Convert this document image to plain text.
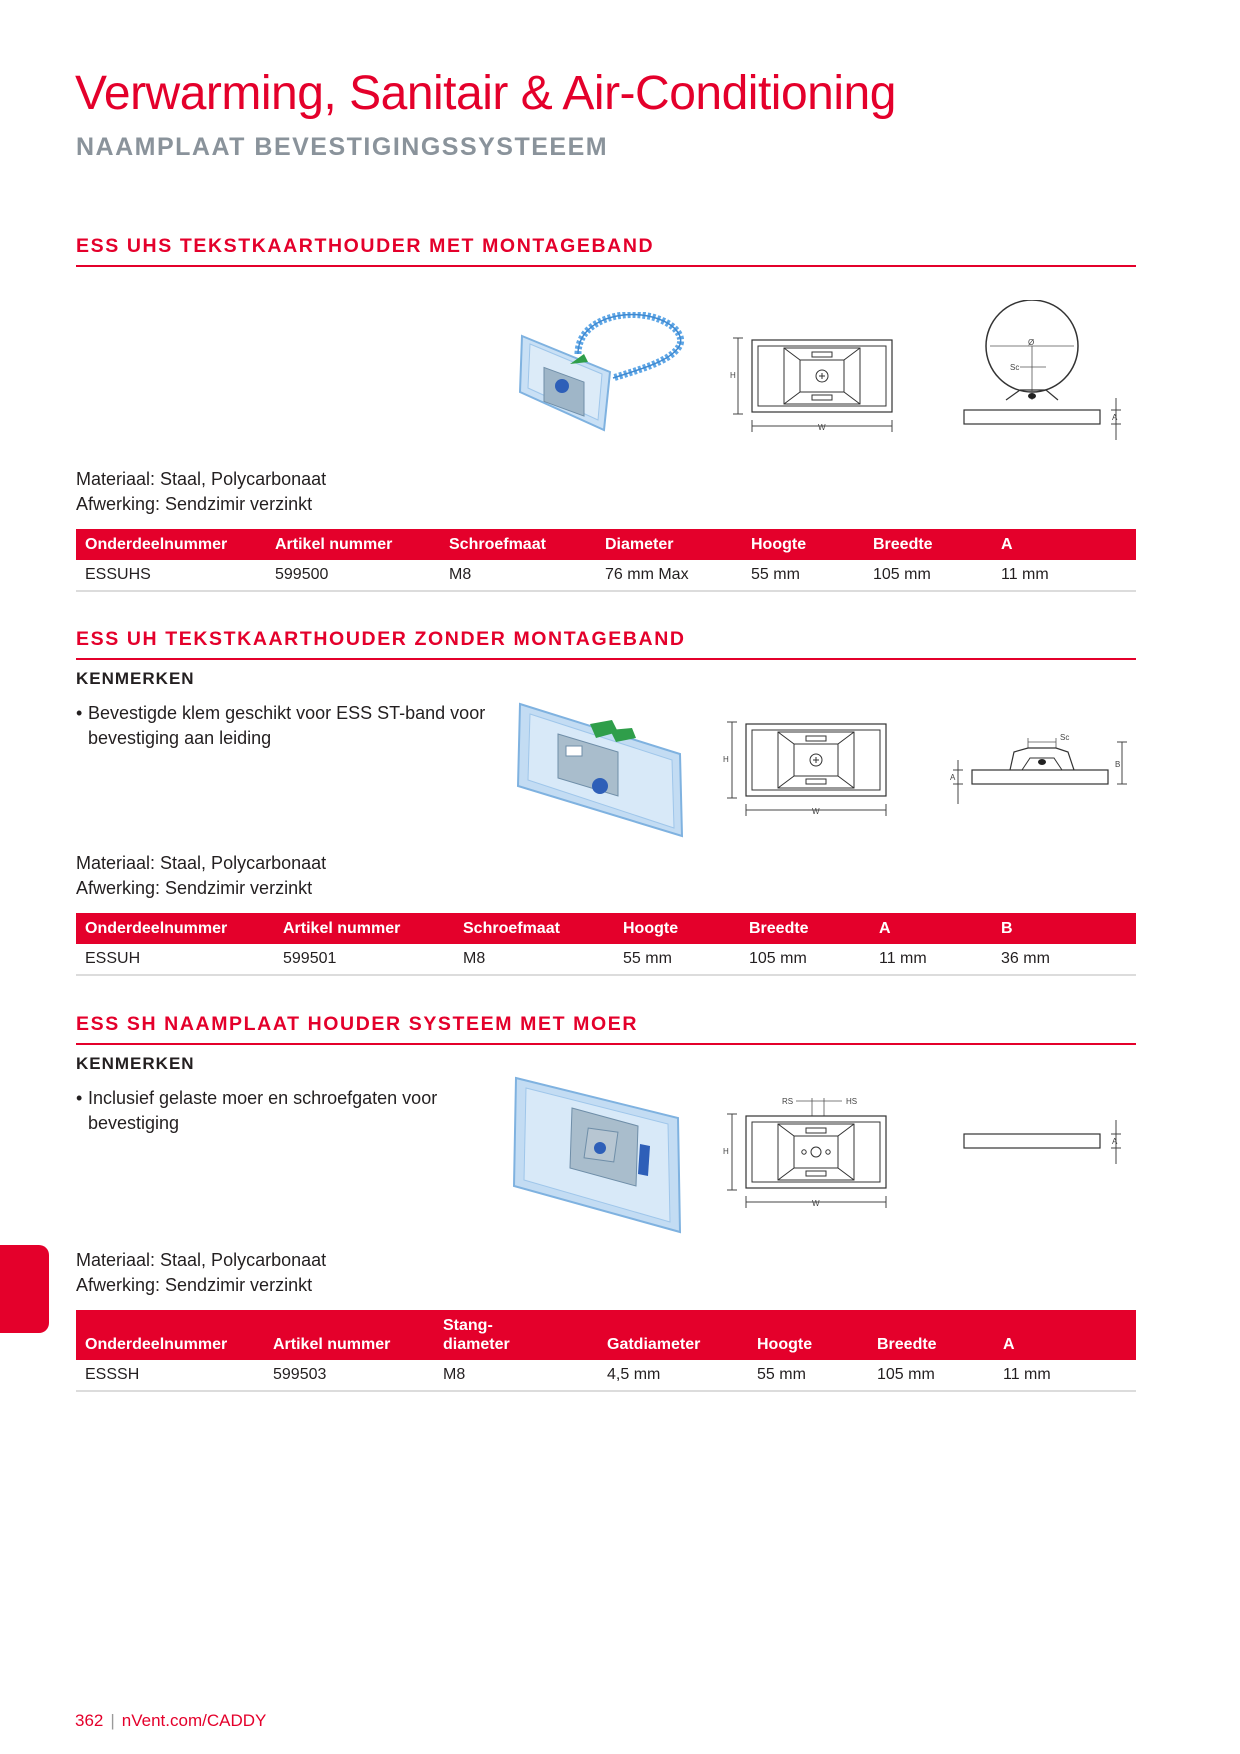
Verwarming, Sanitair & Air-Conditioning
NAAMPLAAT BEVESTIGINGSSYSTEEEM
ESS UHS TEKSTKAARTHOUDER MET MONTAGEBAND
H
W
Ø
Sc
A
Materiaal: Staal, Polycarbonaat
Afwerking: Sendzimir verzinkt
Onderdeelnummer	Artikel nummer	Schroefmaat	Diameter	Hoogte	Breedte	A
ESSUHS	599500	M8	76 mm Max	55 mm	105 mm	11 mm
ESS UH TEKSTKAARTHOUDER ZONDER MONTAGEBAND
KENMERKEN

• Bevestigde klem geschikt voor ESS ST-band voor bevestiging aan leiding

H
W
Sc
B
A
Materiaal: Staal, Polycarbonaat
Afwerking: Sendzimir verzinkt
Onderdeelnummer	Artikel nummer	Schroefmaat	Hoogte	Breedte	A	B
ESSUH	599501	M8	55 mm	105 mm	11 mm	36 mm
ESS SH NAAMPLAAT HOUDER SYSTEEM MET MOER
KENMERKEN

• Inclusief gelaste moer en schroefgaten voor bevestiging

RS	HS
H
W
A
Materiaal: Staal, Polycarbonaat
Afwerking: Sendzimir verzinkt
Onderdeelnummer	Artikel nummer	Stang-
diameter	Gatdiameter	Hoogte	Breedte	A
ESSSH	599503	M8	4,5 mm	55 mm	105 mm	11 mm
362 | nVent.com/CADDY
